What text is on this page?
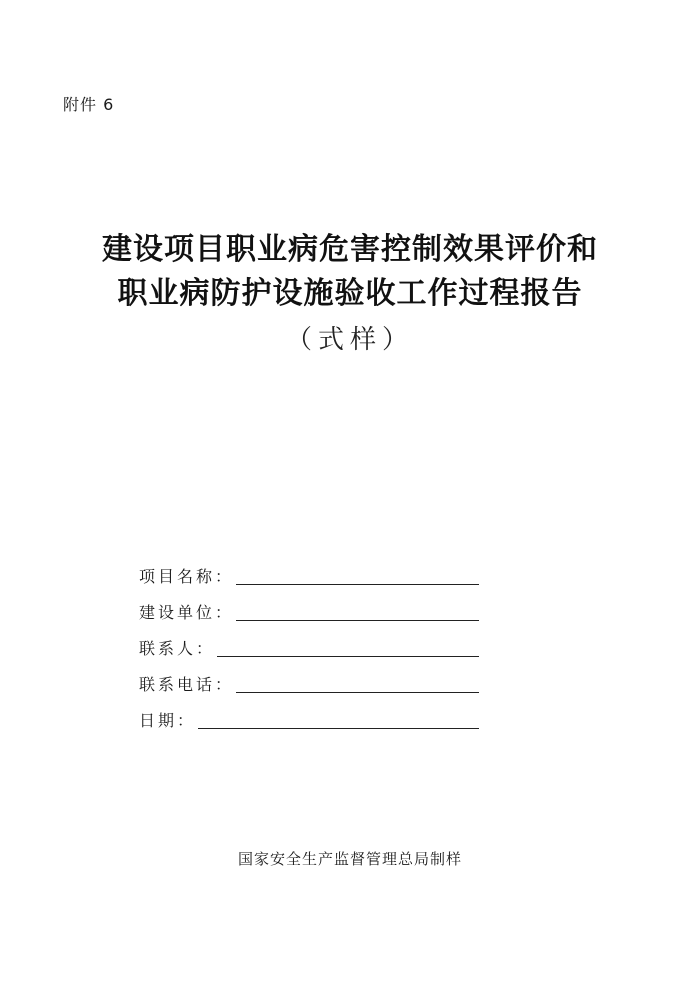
附件 6
建设项目职业病危害控制效果评价和
职业病防护设施验收工作过程报告
（式样）
项目名称：
建设单位：
联系人：
联系电话：
日期：
国家安全生产监督管理总局制样
